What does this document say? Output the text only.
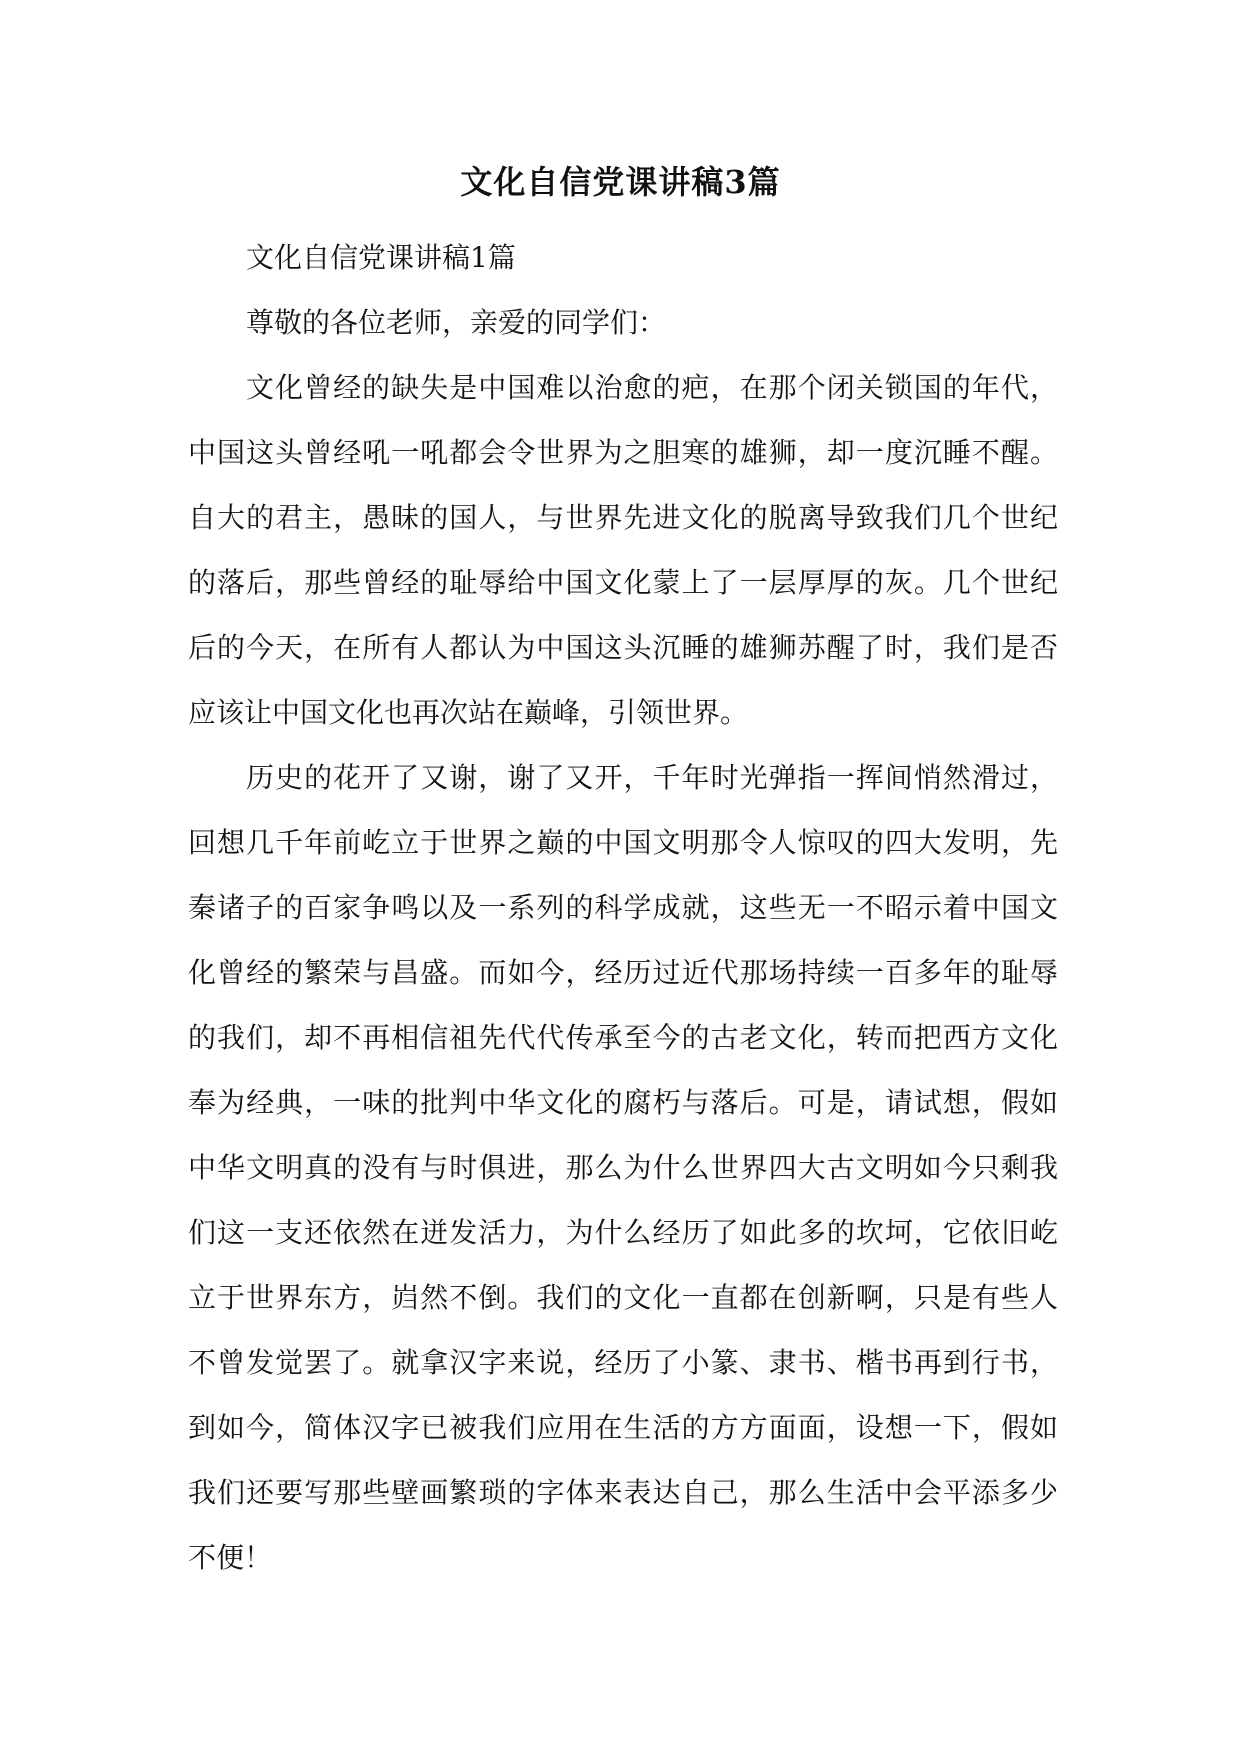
文化自信党课讲稿3篇
文化自信党课讲稿1篇
尊敬的各位老师，亲爱的同学们：
文化曾经的缺失是中国难以治愈的疤，在那个闭关锁国的年代，
中国这头曾经吼一吼都会令世界为之胆寒的雄狮，却一度沉睡不醒。
自大的君主，愚昧的国人，与世界先进文化的脱离导致我们几个世纪
的落后，那些曾经的耻辱给中国文化蒙上了一层厚厚的灰。几个世纪
后的今天，在所有人都认为中国这头沉睡的雄狮苏醒了时，我们是否
应该让中国文化也再次站在巅峰，引领世界。
历史的花开了又谢，谢了又开，千年时光弹指一挥间悄然滑过，
回想几千年前屹立于世界之巅的中国文明那令人惊叹的四大发明，先
秦诸子的百家争鸣以及一系列的科学成就，这些无一不昭示着中国文
化曾经的繁荣与昌盛。而如今，经历过近代那场持续一百多年的耻辱
的我们，却不再相信祖先代代传承至今的古老文化，转而把西方文化
奉为经典，一味的批判中华文化的腐朽与落后。可是，请试想，假如
中华文明真的没有与时俱进，那么为什么世界四大古文明如今只剩我
们这一支还依然在迸发活力，为什么经历了如此多的坎坷，它依旧屹
立于世界东方，岿然不倒。我们的文化一直都在创新啊，只是有些人
不曾发觉罢了。就拿汉字来说，经历了小篆、隶书、楷书再到行书，
到如今，简体汉字已被我们应用在生活的方方面面，设想一下，假如
我们还要写那些壁画繁琐的字体来表达自己，那么生活中会平添多少
不便！
